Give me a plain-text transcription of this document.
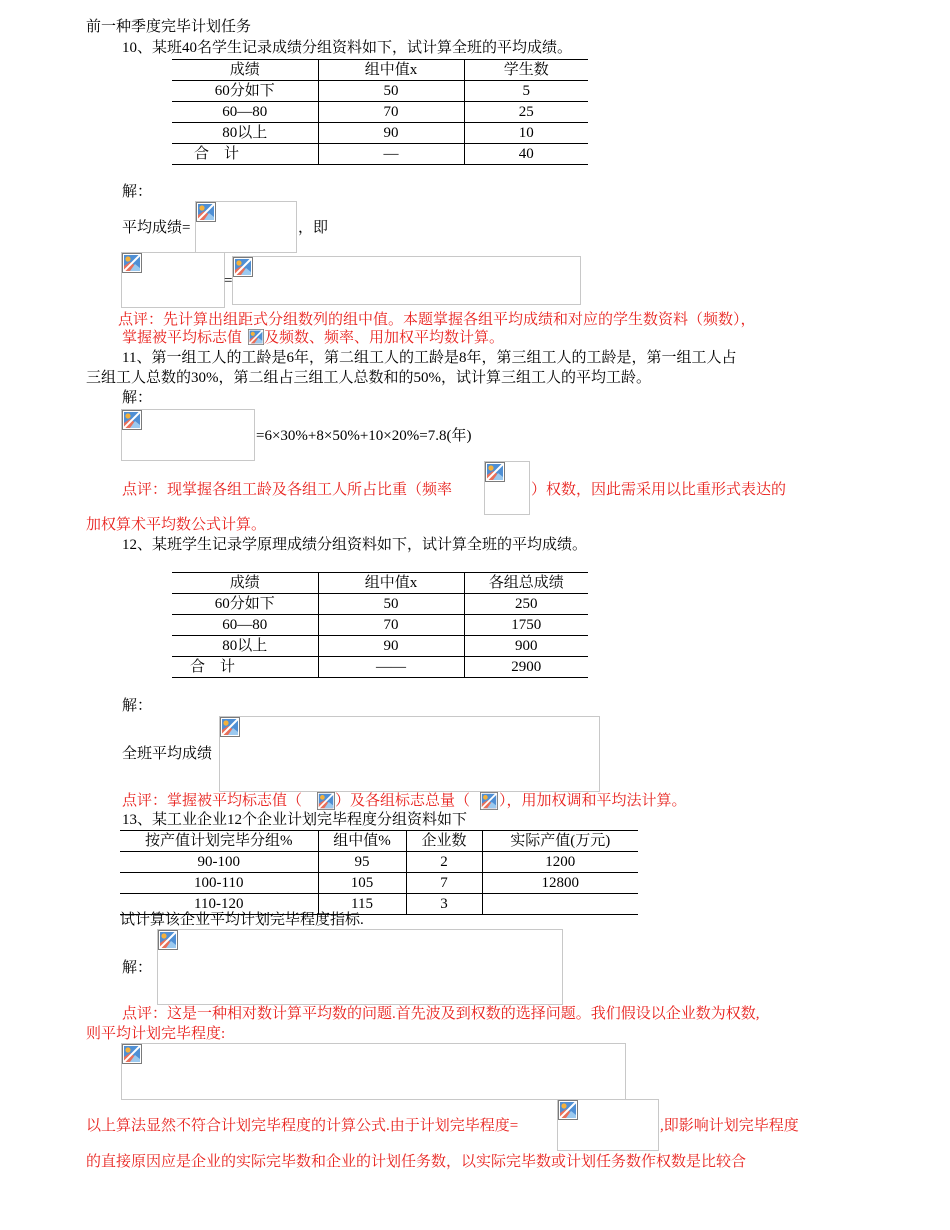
前一种季度完毕计划任务
10、某班40名学生记录成绩分组资料如下，试计算全班的平均成绩。
成绩	组中值x	学生数
60分如下	50	5
60—80	70	25
80以上	90	10
合　计	—	40
解：
平均成绩=	，即
=
点评：先计算出组距式分组数列的组中值。本题掌握各组平均成绩和对应的学生数资料（频数），
掌握被平均标志值 及频数、频率、用加权平均数计算。
11、第一组工人的工龄是6年，第二组工人的工龄是8年，第三组工人的工龄是，第一组工人占
三组工人总数的30%，第二组占三组工人总数和的50%，试计算三组工人的平均工龄。
解：
=6×30%+8×50%+10×20%=7.8(年)
点评：现掌握各组工龄及各组工人所占比重（频率	）权数，因此需采用以比重形式表达的
加权算术平均数公式计算。
12、某班学生记录学原理成绩分组资料如下，试计算全班的平均成绩。
成绩	组中值x	各组总成绩
60分如下	50	250
60—80	70	1750
80以上	90	900
合　计	——	2900
解：
全班平均成绩
点评：掌握被平均标志值（ ）及各组标志总量（ ），用加权调和平均法计算。
13、某工业企业12个企业计划完毕程度分组资料如下
按产值计划完毕分组%	组中值%	企业数	实际产值(万元)
90-100	95	2	1200
100-110	105	7	12800
110-120	115	3	
试计算该企业平均计划完毕程度指标.
解：
点评：这是一种相对数计算平均数的问题.首先波及到权数的选择问题。我们假设以企业数为权数,
则平均计划完毕程度:
以上算法显然不符合计划完毕程度的计算公式.由于计划完毕程度=	,即影响计划完毕程度
的直接原因应是企业的实际完毕数和企业的计划任务数，以实际完毕数或计划任务数作权数是比较合
